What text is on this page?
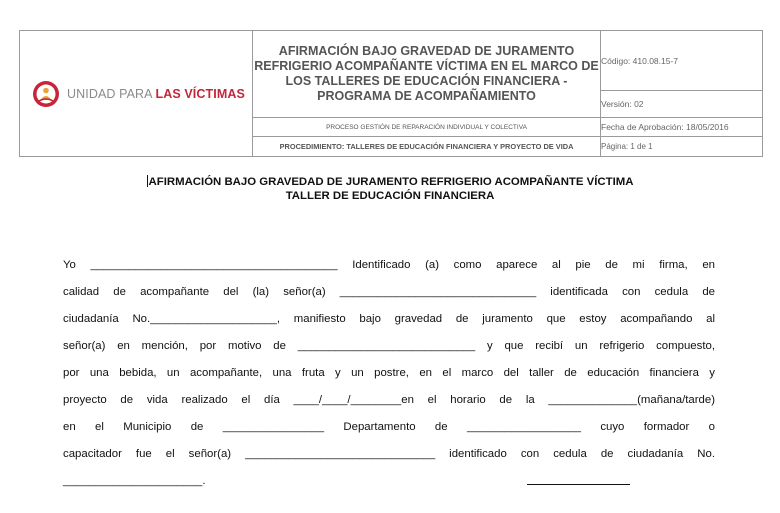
UNIDAD PARA LAS VÍCTIMAS	AFIRMACIÓN BAJO GRAVEDAD DE JURAMENTO
REFRIGERIO ACOMPAÑANTE VÍCTIMA EN EL MARCO DE
LOS TALLERES DE EDUCACIÓN FINANCIERA -
PROGRAMA DE ACOMPAÑAMIENTO	Código: 410.08.15-7
		Versión: 02
	PROCESO GESTIÓN DE REPARACIÓN INDIVIDUAL Y COLECTIVA	Fecha de Aprobación: 18/05/2016
	PROCEDIMIENTO: TALLERES DE EDUCACIÓN FINANCIERA Y PROYECTO DE VIDA	Página: 1 de 1
AFIRMACIÓN BAJO GRAVEDAD DE JURAMENTO REFRIGERIO ACOMPAÑANTE VÍCTIMA
TALLER DE EDUCACIÓN FINANCIERA
Yo _______________________________________ Identificado (a) como aparece al pie de mi firma, en
calidad de acompañante del (la) señor(a) _______________________________ identificada con cedula de
ciudadanía No.____________________, manifiesto bajo gravedad de juramento que estoy acompañando al
señor(a) en mención, por motivo de ____________________________ y que recibí un refrigerio compuesto,
por una bebida, un acompañante, una fruta y un postre, en el marco del taller de educación financiera y
proyecto de vida realizado el día ____/____/________en el horario de la ______________(mañana/tarde)
en el Municipio de ________________ Departamento de __________________ cuyo formador o
capacitador fue el señor(a) ______________________________ identificado con cedula de ciudadanía No.
______________________.
